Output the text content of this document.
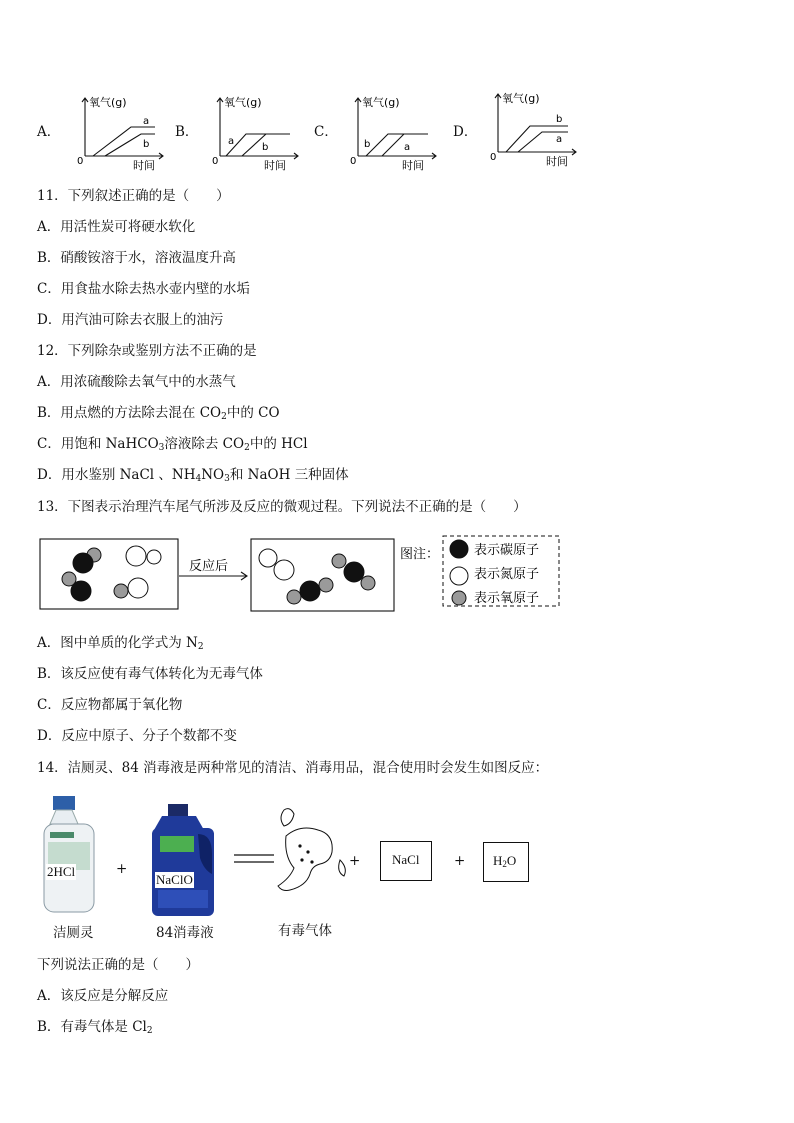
A．	B．	C．	D．
氧气(g)
时间
0
a
b
氧气(g)
时间
0
a
b
氧气(g)
时间
0
b	a
氧气(g)
时间
0
b
a
11．下列叙述正确的是（　　）
A．用活性炭可将硬水软化
B．硝酸铵溶于水，溶液温度升高
C．用食盐水除去热水壶内壁的水垢
D．用汽油可除去衣服上的油污
12．下列除杂或鉴别方法不正确的是
A．用浓硫酸除去氧气中的水蒸气
B．用点燃的方法除去混在 $CO_2$中的 CO
C．用饱和 NaHCO$_3$溶液除去 $CO_2$中的 HCl
D．用水鉴别 NaCl 、$NH_4NO_3$和 NaOH 三种固体
13．下图表示治理汽车尾气所涉及反应的微观过程。下列说法不正确的是（　　）
反应后
图注：	表示碳原子
表示氮原子
表示氧原子
A．图中单质的化学式为 $N_2$
B．该反应使有毒气体转化为无毒气体
C．反应物都属于氧化物
D．反应中原子、分子个数都不变
14．洁厕灵、84 消毒液是两种常见的清洁、消毒用品，混合使用时会发生如图反应：
2HCl
洁厕灵
+
NaClO
84消毒液	有毒气体
+ NaCl	+ $H_2O$
下列说法正确的是（　　）
A．该反应是分解反应
B．有毒气体是 $Cl_2$
